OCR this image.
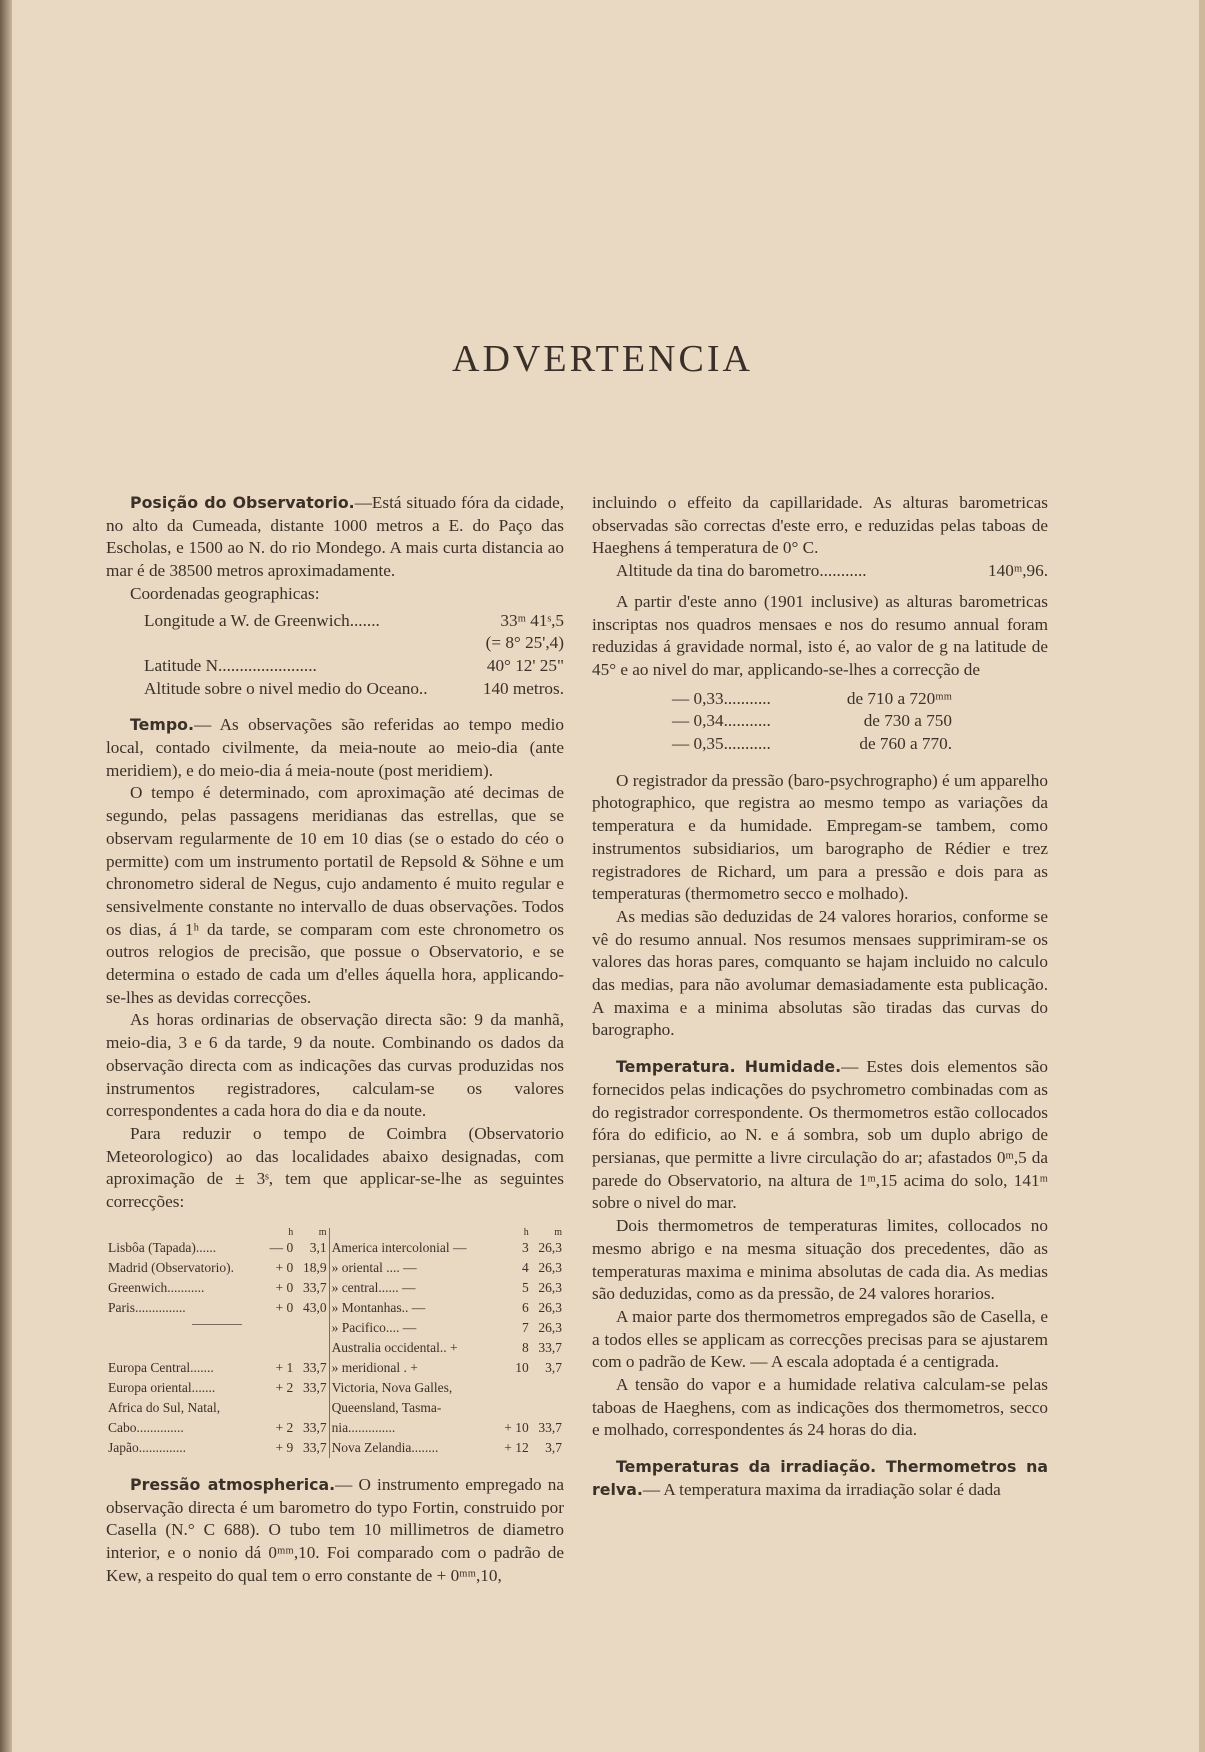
ADVERTENCIA

Posição do Observatorio.—Está situado fóra da cidade, no alto da Cumeada, distante 1000 metros a E. do Paço das Escholas, e 1500 ao N. do rio Mondego. A mais curta distancia ao mar é de 38500 metros aproximadamente.

Coordenadas geographicas:

Longitude a W. de Greenwich.......	33ᵐ 41ˢ,5
(= 8° 25',4)
Latitude N.......................	40° 12' 25"
Altitude sobre o nivel medio do Oceano..	140 metros.

Tempo.— As observações são referidas ao tempo medio local, contado civilmente, da meia-noute ao meio-dia (ante meridiem), e do meio-dia á meia-noute (post meridiem).

O tempo é determinado, com aproximação até decimas de segundo, pelas passagens meridianas das estrellas, que se observam regularmente de 10 em 10 dias (se o estado do céo o permitte) com um instrumento portatil de Repsold & Söhne e um chronometro sideral de Negus, cujo andamento é muito regular e sensivelmente constante no intervallo de duas observações. Todos os dias, á 1ʰ da tarde, se comparam com este chronometro os outros relogios de precisão, que possue o Observatorio, e se determina o estado de cada um d'elles áquella hora, applicando-se-lhes as devidas correcções.

As horas ordinarias de observação directa são: 9 da manhã, meio-dia, 3 e 6 da tarde, 9 da noute. Combinando os dados da observação directa com as indicações das curvas produzidas nos instrumentos registradores, calculam-se os valores correspondentes a cada hora do dia e da noute.

Para reduzir o tempo de Coimbra (Observatorio Meteorologico) ao das localidades abaixo designadas, com aproximação de ± 3ˢ, tem que applicar-se-lhe as seguintes correcções:

	h	m		h	m
Lisbôa (Tapada)......	— 0	3,1	America intercolonial —	3	26,3
Madrid (Observatorio).	+ 0	18,9	» oriental .... —	4	26,3
Greenwich...........	+ 0	33,7	» central...... —	5	26,3
Paris...............	+ 0	43,0	» Montanhas.. —	6	26,3

			» Pacifico.... —	7	26,3
			Australia occidental.. +	8	33,7
Europa Central.......	+ 1	33,7	» meridional . +	10	3,7
Europa oriental.......	+ 2	33,7	Victoria, Nova Galles,		
Africa do Sul, Natal,			Queensland, Tasma-		
Cabo..............	+ 2	33,7	nia..............	+ 10	33,7
Japão..............	+ 9	33,7	Nova Zelandia........	+ 12	3,7

Pressão atmospherica.— O instrumento empregado na observação directa é um barometro do typo Fortin, construido por Casella (N.° C 688). O tubo tem 10 millimetros de diametro interior, e o nonio dá 0ᵐᵐ,10. Foi comparado com o padrão de Kew, a respeito do qual tem o erro constante de + 0ᵐᵐ,10,

incluindo o effeito da capillaridade. As alturas barometricas observadas são correctas d'este erro, e reduzidas pelas taboas de Haeghens á temperatura de 0° C.

Altitude da tina do barometro...........	140ᵐ,96.

A partir d'este anno (1901 inclusive) as alturas barometricas inscriptas nos quadros mensaes e nos do resumo annual foram reduzidas á gravidade normal, isto é, ao valor de g na latitude de 45° e ao nivel do mar, applicando-se-lhes a correcção de

— 0,33...........	de 710 a 720ᵐᵐ
— 0,34...........	de 730 a 750
— 0,35...........	de 760 a 770.

O registrador da pressão (baro-psychrographo) é um apparelho photographico, que registra ao mesmo tempo as variações da temperatura e da humidade. Empregam-se tambem, como instrumentos subsidiarios, um barographo de Rédier e trez registradores de Richard, um para a pressão e dois para as temperaturas (thermometro secco e molhado).

As medias são deduzidas de 24 valores horarios, conforme se vê do resumo annual. Nos resumos mensaes supprimiram-se os valores das horas pares, comquanto se hajam incluido no calculo das medias, para não avolumar demasiadamente esta publicação. A maxima e a minima absolutas são tiradas das curvas do barographo.

Temperatura. Humidade.— Estes dois elementos são fornecidos pelas indicações do psychrometro combinadas com as do registrador correspondente. Os thermometros estão collocados fóra do edificio, ao N. e á sombra, sob um duplo abrigo de persianas, que permitte a livre circulação do ar; afastados 0ᵐ,5 da parede do Observatorio, na altura de 1ᵐ,15 acima do solo, 141ᵐ sobre o nivel do mar.

Dois thermometros de temperaturas limites, collocados no mesmo abrigo e na mesma situação dos precedentes, dão as temperaturas maxima e minima absolutas de cada dia. As medias são deduzidas, como as da pressão, de 24 valores horarios.

A maior parte dos thermometros empregados são de Casella, e a todos elles se applicam as correcções precisas para se ajustarem com o padrão de Kew. — A escala adoptada é a centigrada.

A tensão do vapor e a humidade relativa calculam-se pelas taboas de Haeghens, com as indicações dos thermometros, secco e molhado, correspondentes ás 24 horas do dia.

Temperaturas da irradiação. Thermometros na relva.— A temperatura maxima da irradiação solar é dada
